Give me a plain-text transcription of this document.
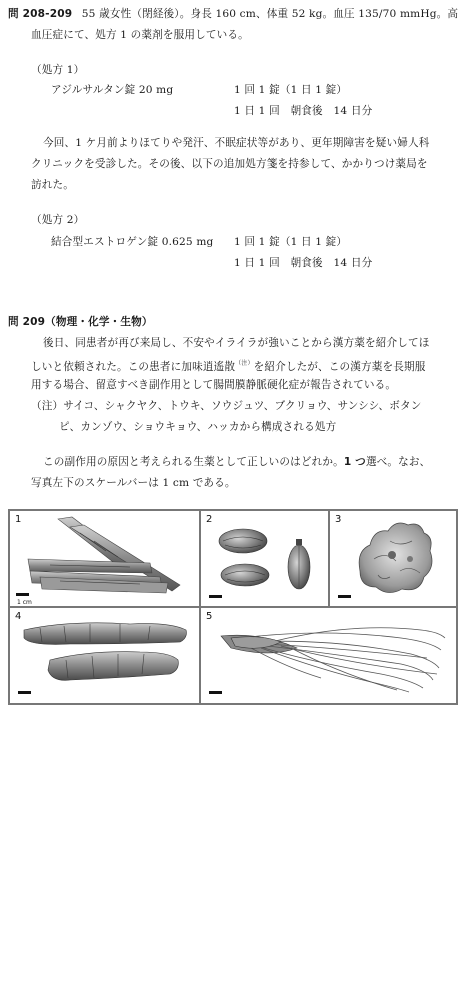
問 208-209 55 歳女性（閉経後）。身長 160 cm、体重 52 kg。血圧 135/70 mmHg。高
血圧症にて、処方 1 の薬剤を服用している。
（処方 1）
アジルサルタン錠 20 mg	1 回 1 錠（1 日 1 錠）
1 日 1 回　朝食後　14 日分
今回、1 ケ月前よりほてりや発汗、不眠症状等があり、更年期障害を疑い婦人科
クリニックを受診した。その後、以下の追加処方箋を持参して、かかりつけ薬局を
訪れた。
（処方 2）
結合型エストロゲン錠 0.625 mg 1 回 1 錠（1 日 1 錠）
1 日 1 回　朝食後　14 日分
問 209（物理・化学・生物）
後日、同患者が再び来局し、不安やイライラが強いことから漢方薬を紹介してほ
しいと依頼された。この患者に加味逍遙散$^{(注)}$を紹介したが、この漢方薬を長期服
用する場合、留意すべき副作用として腸間膜静脈硬化症が報告されている。
（注）サイコ、シャクヤク、トウキ、ソウジュツ、ブクリョウ、サンシシ、ボタン
ピ、カンゾウ、ショウキョウ、ハッカから構成される処方
この副作用の原因と考えられる生薬として正しいのはどれか。1 つ選べ。なお、
写真左下のスケールバーは 1 cm である。
1
1 cm
2	3
4	5
